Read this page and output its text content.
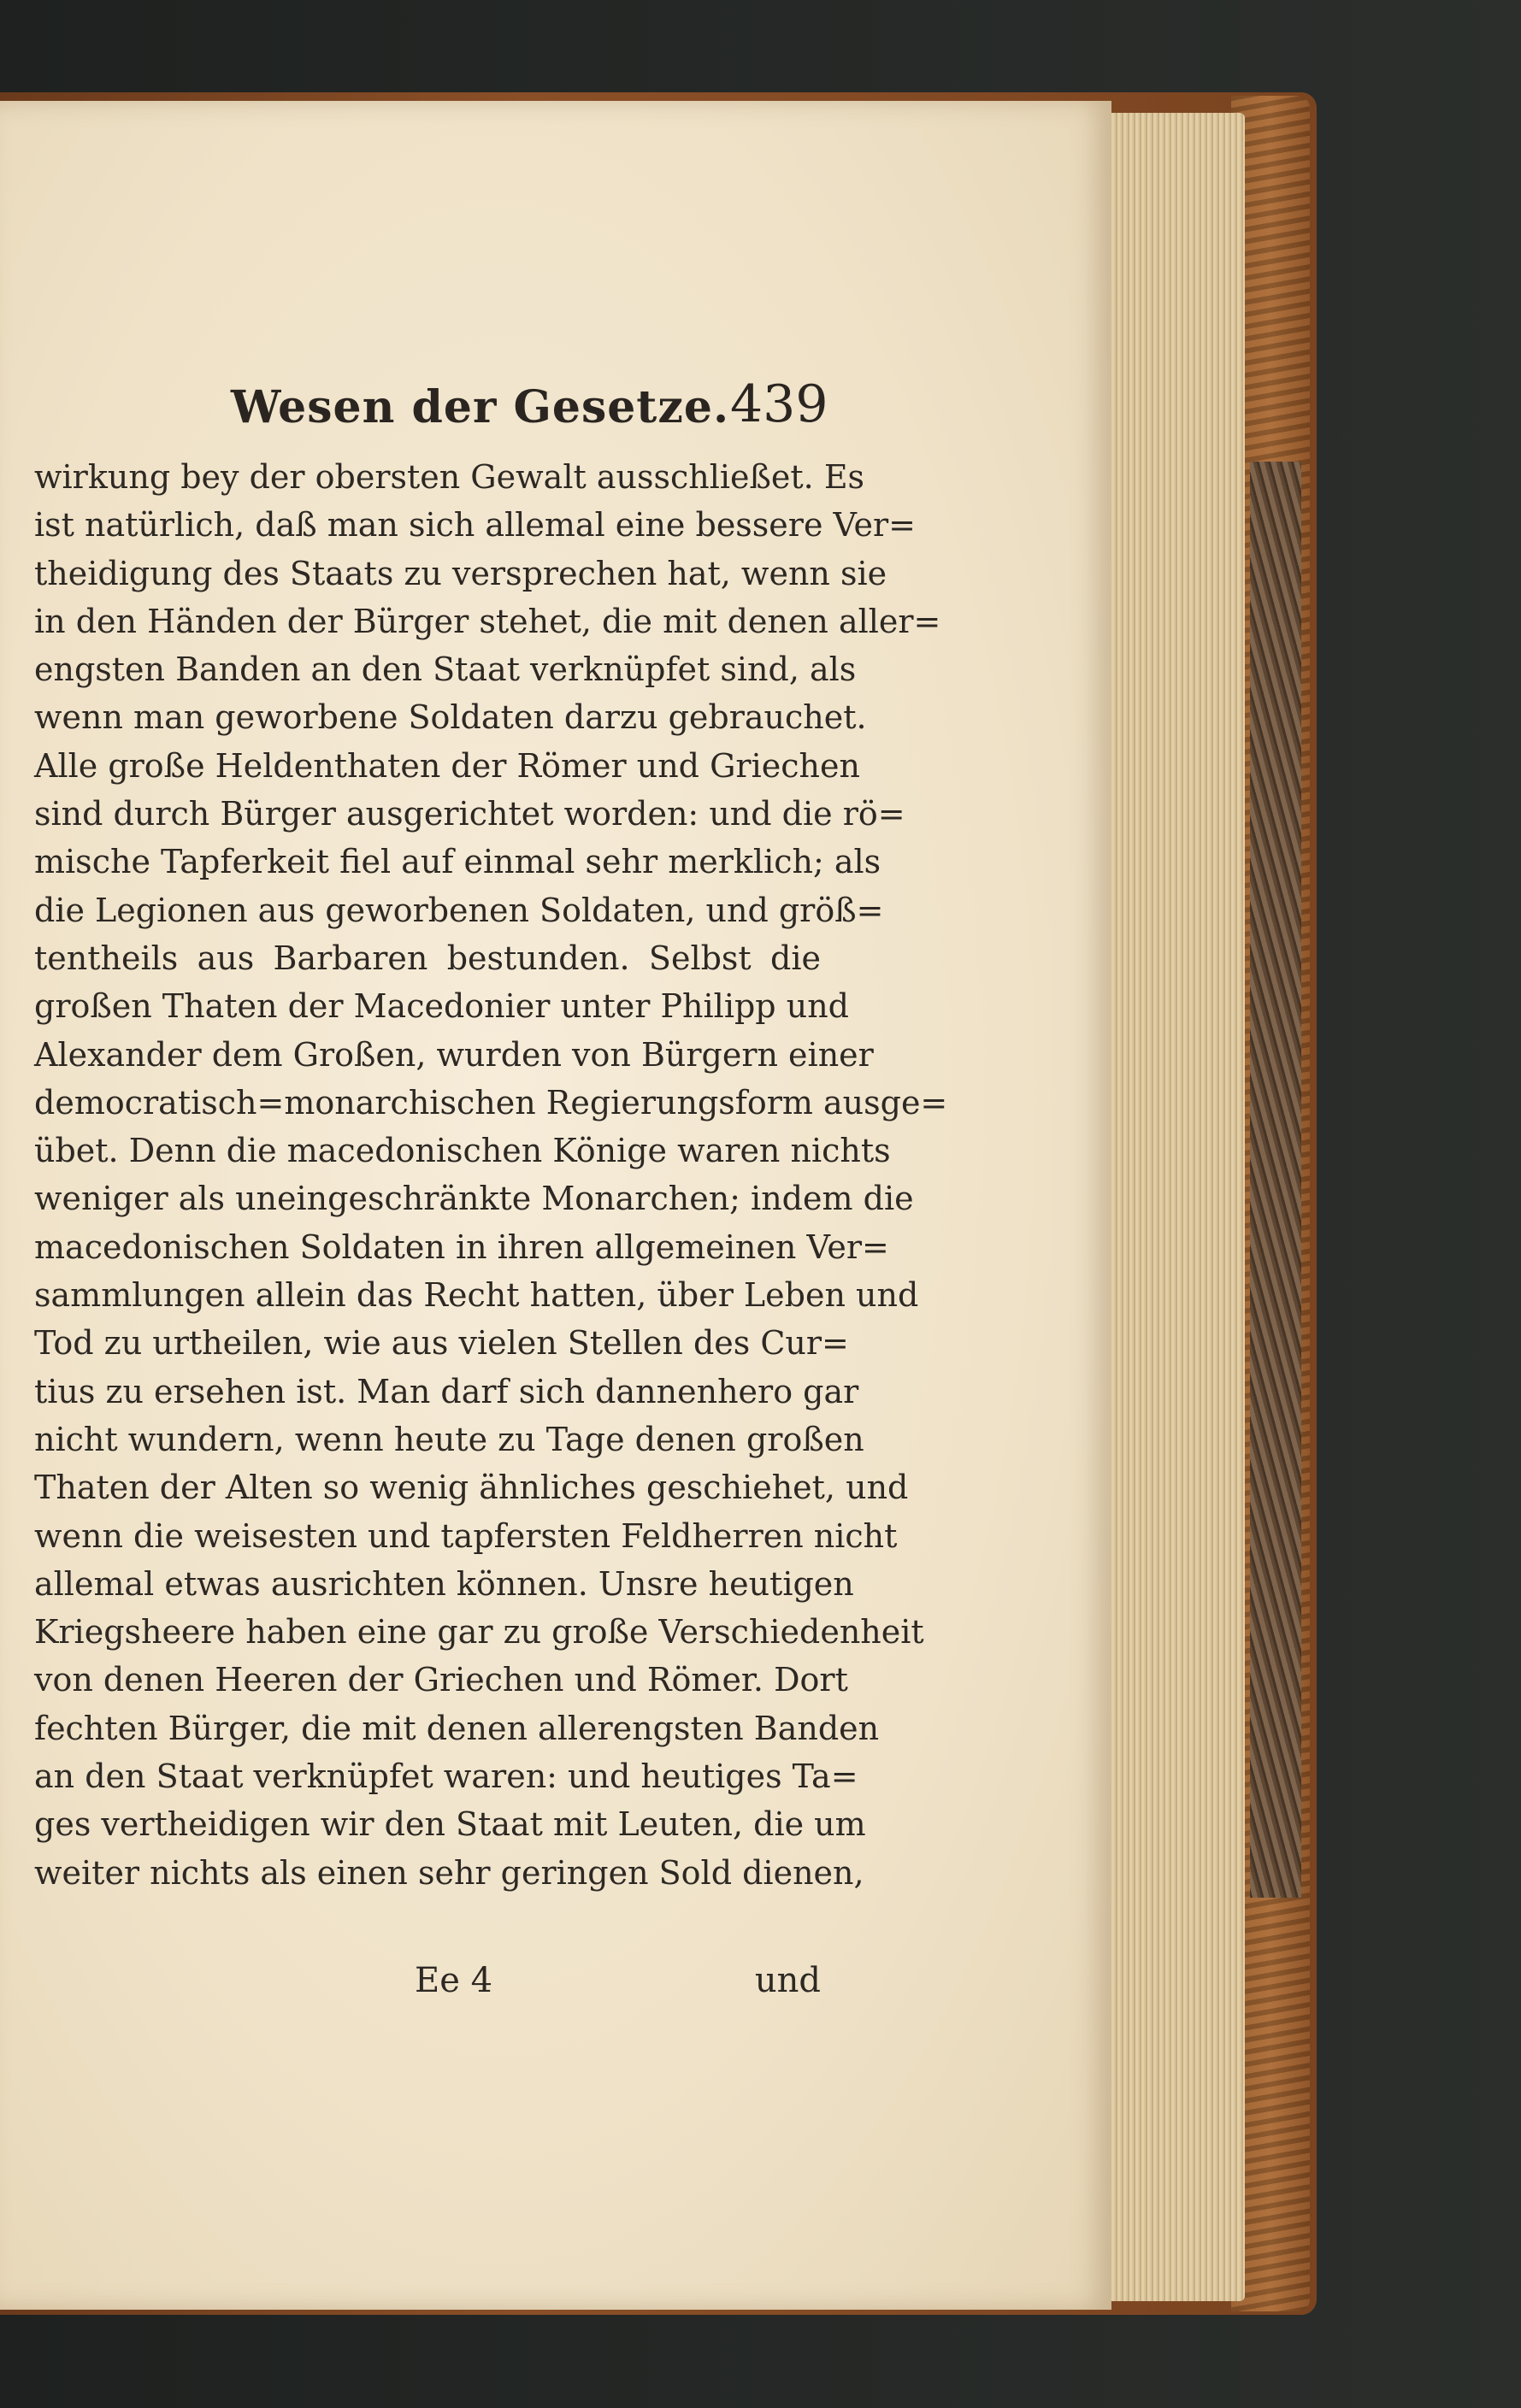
Wesen der Gesetze. 439
wirkung bey der obersten Gewalt ausschließet. Es
ist natürlich, daß man sich allemal eine bessere Ver=
theidigung des Staats zu versprechen hat, wenn sie
in den Händen der Bürger stehet, die mit denen aller=
engsten Banden an den Staat verknüpfet sind, als
wenn man geworbene Soldaten darzu gebrauchet.
Alle große Heldenthaten der Römer und Griechen
sind durch Bürger ausgerichtet worden: und die rö=
mische Tapferkeit fiel auf einmal sehr merklich; als
die Legionen aus geworbenen Soldaten, und größ=
tentheils aus Barbaren bestunden. Selbst die
großen Thaten der Macedonier unter Philipp und
Alexander dem Großen, wurden von Bürgern einer
democratisch=monarchischen Regierungsform ausge=
übet. Denn die macedonischen Könige waren nichts
weniger als uneingeschränkte Monarchen; indem die
macedonischen Soldaten in ihren allgemeinen Ver=
sammlungen allein das Recht hatten, über Leben und
Tod zu urtheilen, wie aus vielen Stellen des Cur=
tius zu ersehen ist. Man darf sich dannenhero gar
nicht wundern, wenn heute zu Tage denen großen
Thaten der Alten so wenig ähnliches geschiehet, und
wenn die weisesten und tapfersten Feldherren nicht
allemal etwas ausrichten können. Unsre heutigen
Kriegsheere haben eine gar zu große Verschiedenheit
von denen Heeren der Griechen und Römer. Dort
fechten Bürger, die mit denen allerengsten Banden
an den Staat verknüpfet waren: und heutiges Ta=
ges vertheidigen wir den Staat mit Leuten, die um
weiter nichts als einen sehr geringen Sold dienen,
Ee 4	und
